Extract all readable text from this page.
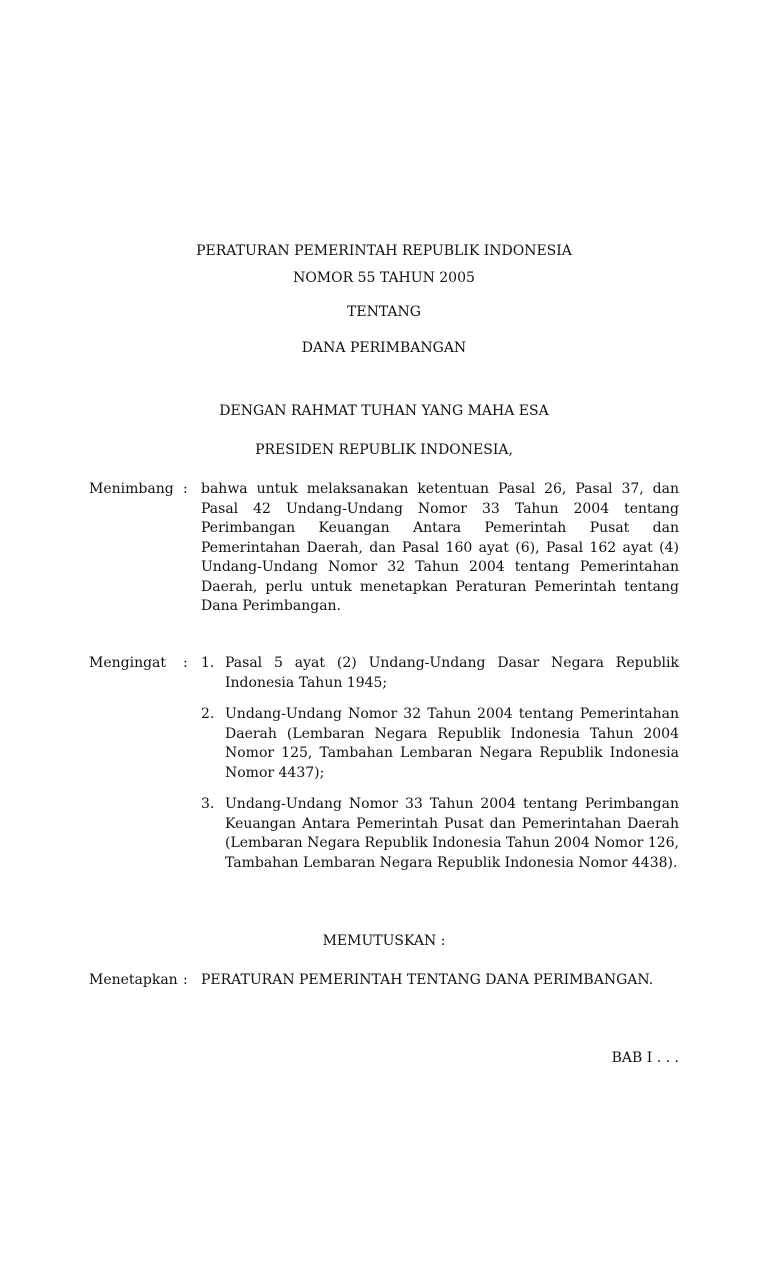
PERATURAN PEMERINTAH REPUBLIK INDONESIA
NOMOR 55 TAHUN 2005
TENTANG
DANA PERIMBANGAN
DENGAN RAHMAT TUHAN YANG MAHA ESA
PRESIDEN REPUBLIK INDONESIA,
Menimbang : bahwa untuk melaksanakan ketentuan Pasal 26, Pasal 37, dan Pasal 42 Undang-Undang Nomor 33 Tahun 2004 tentang Perimbangan Keuangan Antara Pemerintah Pusat dan Pemerintahan Daerah, dan Pasal 160 ayat (6), Pasal 162 ayat (4) Undang-Undang Nomor 32 Tahun 2004 tentang Pemerintahan Daerah, perlu untuk menetapkan Peraturan Pemerintah tentang Dana Perimbangan.
Mengingat : 1. Pasal 5 ayat (2) Undang-Undang Dasar Negara Republik Indonesia Tahun 1945;
2. Undang-Undang Nomor 32 Tahun 2004 tentang Pemerintahan Daerah (Lembaran Negara Republik Indonesia Tahun 2004 Nomor 125, Tambahan Lembaran Negara Republik Indonesia Nomor 4437);
3. Undang-Undang Nomor 33 Tahun 2004 tentang Perimbangan Keuangan Antara Pemerintah Pusat dan Pemerintahan Daerah (Lembaran Negara Republik Indonesia Tahun 2004 Nomor 126, Tambahan Lembaran Negara Republik Indonesia Nomor 4438).
MEMUTUSKAN :
Menetapkan : PERATURAN PEMERINTAH TENTANG DANA PERIMBANGAN.
BAB I . . .
